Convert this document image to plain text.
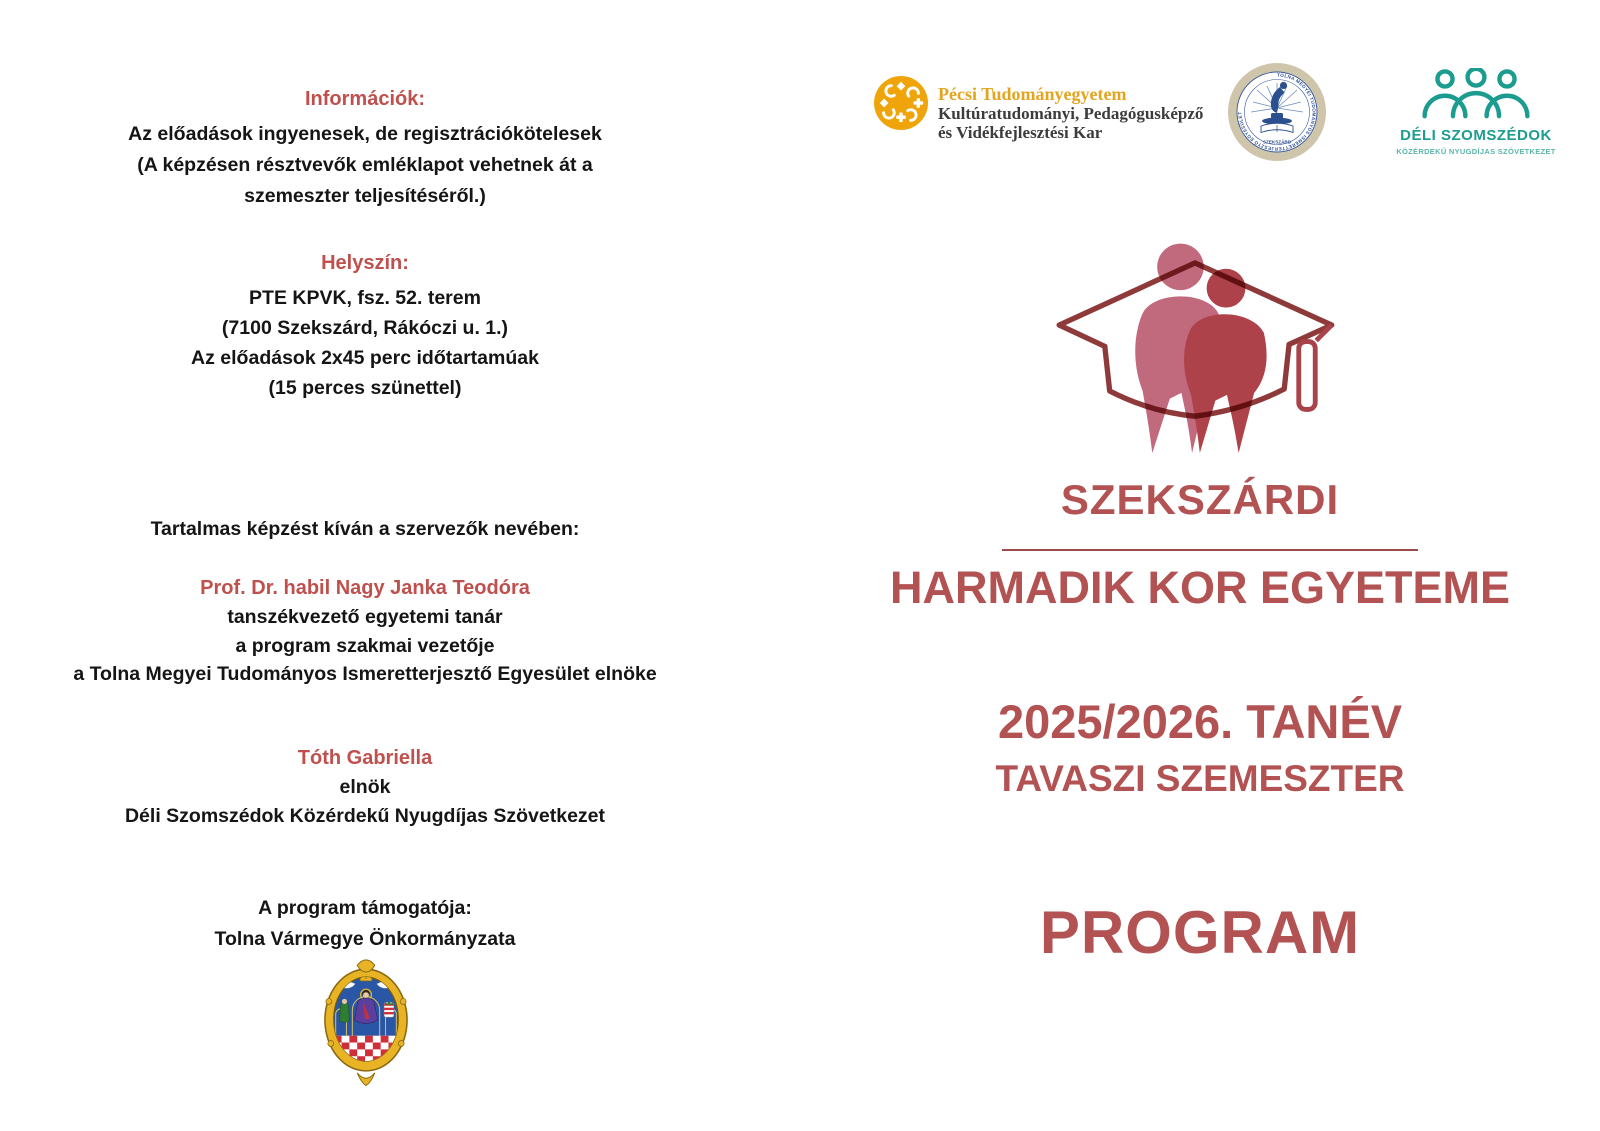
Információk:
Az előadások ingyenesek, de regisztrációkötelesek
(A képzésen résztvevők emléklapot vehetnek át a
szemeszter teljesítéséről.)
Helyszín:
PTE KPVK, fsz. 52. terem
(7100 Szekszárd, Rákóczi u. 1.)
Az előadások 2x45 perc időtartamúak
(15 perces szünettel)
Tartalmas képzést kíván a szervezők nevében:
Prof. Dr. habil Nagy Janka Teodóra
tanszékvezető egyetemi tanár
a program szakmai vezetője
a Tolna Megyei Tudományos Ismeretterjesztő Egyesület elnöke
Tóth Gabriella
elnök
Déli Szomszédok Közérdekű Nyugdíjas Szövetkezet
A program támogatója:
Tolna Vármegye Önkormányzata
Pécsi Tudományegyetem
Kultúratudományi, Pedagógusképző
és Vidékfejlesztési Kar
TOLNA MEGYEI TUDOMÁNYOS ISMERETTERJESZTŐ EGYESÜLET
SZEKSZÁRD	DÉLI SZOMSZÉDOK
KÖZÉRDEKŰ NYUGDÍJAS SZÖVETKEZET
SZEKSZÁRDI
HARMADIK KOR EGYETEME
2025/2026. TANÉV
TAVASZI SZEMESZTER
PROGRAM
